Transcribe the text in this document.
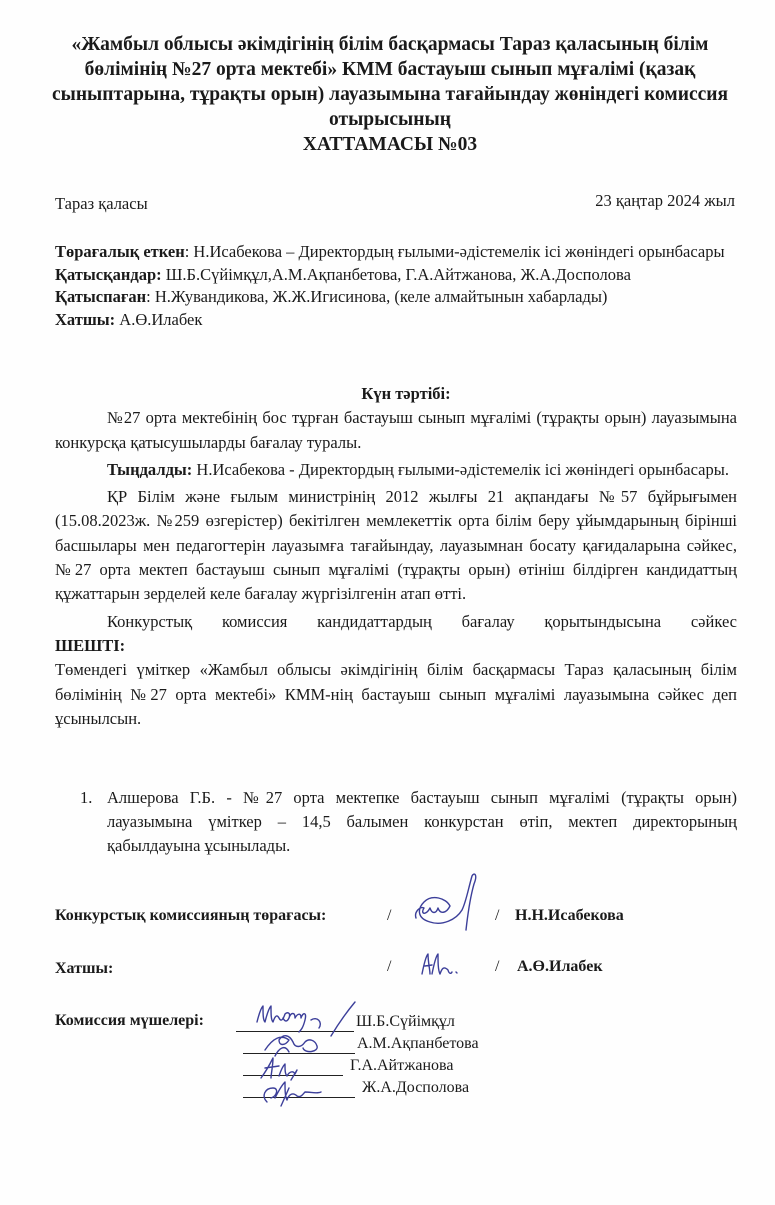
«Жамбыл облысы әкімдігінің білім басқармасы Тараз қаласының білім
бөлімінің №27 орта мектебі» КММ бастауыш сынып мұғалімі (қазақ
сыныптарына, тұрақты орын) лауазымына тағайындау жөніндегі комиссия
отырысының
ХАТТАМАСЫ №03
Тараз қаласы	23 қаңтар 2024 жыл
Төрағалық еткен: Н.Исабекова – Директордың ғылыми-әдістемелік ісі жөніндегі орынбасары
Қатысқандар: Ш.Б.Сүйімқұл,А.М.Ақпанбетова, Г.А.Айтжанова, Ж.А.Досполова
Қатыспаған: Н.Жувандикова, Ж.Ж.Игисинова, (келе алмайтынын хабарлады)
Хатшы: А.Ө.Илабек
Күн тәртібі:
№27 орта мектебінің бос тұрған бастауыш сынып мұғалімі (тұрақты орын) лауазымына конкурсқа қатысушыларды бағалау туралы.
Тыңдалды: Н.Исабекова - Директордың ғылыми-әдістемелік ісі жөніндегі орынбасары.
ҚР Білім және ғылым министрінің 2012 жылғы 21 ақпандағы №57 бұйрығымен (15.08.2023ж. №259 өзгерістер) бекітілген мемлекеттік орта білім беру ұйымдарының бірінші басшылары мен педагогтерін лауазымға тағайындау, лауазымнан босату қағидаларына сәйкес, №27 орта мектеп бастауыш сынып мұғалімі (тұрақты орын) өтініш білдірген кандидаттың құжаттарын зерделей келе бағалау жүргізілгенін атап өтті.
Конкурстық комиссия кандидаттардың бағалау қорытындысына сәйкес
ШЕШТІ:
Төмендегі үміткер «Жамбыл облысы әкімдігінің білім басқармасы Тараз қаласының білім бөлімінің №27 орта мектебі» КММ-нің бастауыш сынып мұғалімі лауазымына сәйкес деп ұсынылсын.
1. Алшерова Г.Б. - №27 орта мектепке бастауыш сынып мұғалімі (тұрақты орын) лауазымына үміткер – 14,5 балымен конкурстан өтіп, мектеп директорының қабылдауына ұсынылады.
Конкурстық комиссияның төрағасы:	/	/ Н.Н.Исабекова
Хатшы:	/	/ А.Ө.Илабек
Комиссия мүшелері:	Ш.Б.Сүйімқұл
А.М.Ақпанбетова
Г.А.Айтжанова
Ж.А.Досполова
